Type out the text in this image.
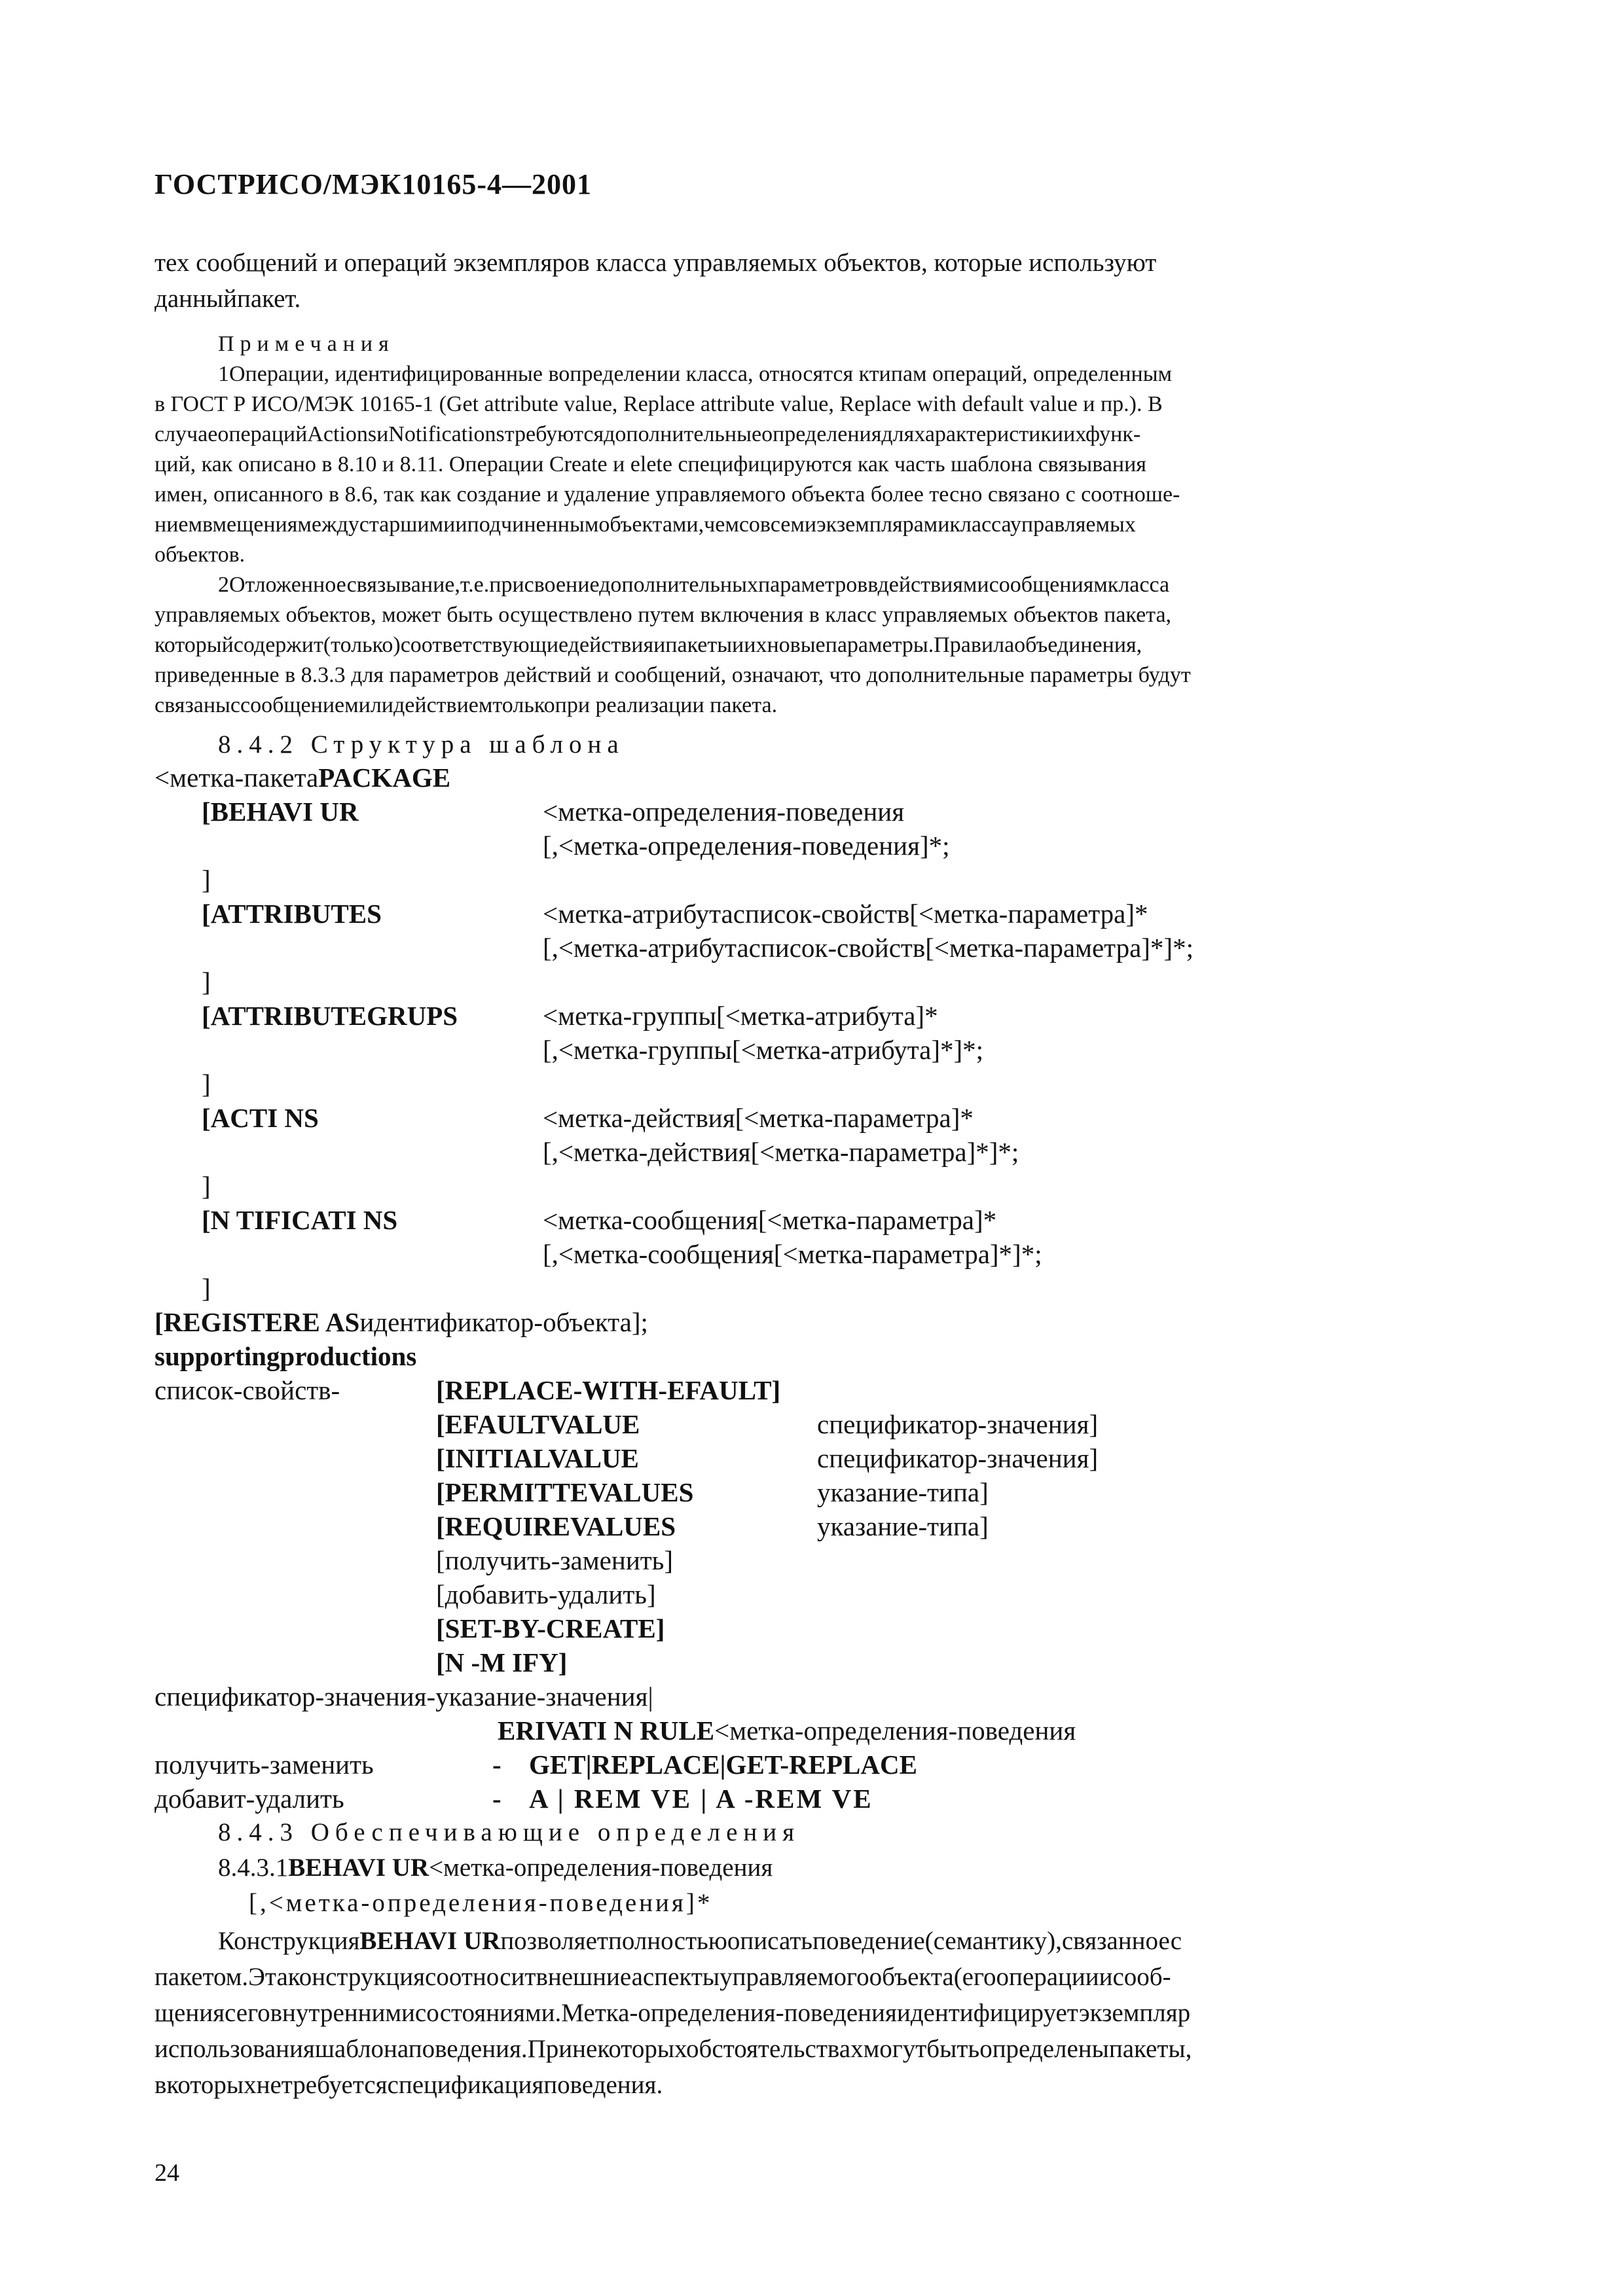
ГОСТРИСО/МЭК10165-4—2001
тех сообщений и операций экземпляров класса управляемых объектов, которые используют
данныйпакет.
Примечания
1Операции, идентифицированные вопределении класса, относятся ктипам операций, определенным
в ГОСТ Р ИСО/МЭК 10165-1 (Get attribute value, Replace attribute value, Replace with default value и пр.). В
случаеоперацийActionsиNotificationsтребуютсядополнительныеопределениядляхарактеристикиихфунк-
ций, как описано в 8.10 и 8.11. Операции Create и elete специфицируются как часть шаблона связывания
имен, описанного в 8.6, так как создание и удаление управляемого объекта более тесно связано с соотноше-
ниемвмещениямеждустаршимииподчиненнымобъектами,чемсовсемиэкземплярамиклассауправляемых
объектов.
2Отложенноесвязывание,т.е.присвоениедополнительныхпараметроввдействиямисообщениямкласса
управляемых объектов, может быть осуществлено путем включения в класс управляемых объектов пакета,
которыйсодержит(только)соответствующиедействияипакетыиихновыепараметры.Правилаобъединения,
приведенные в 8.3.3 для параметров действий и сообщений, означают, что дополнительные параметры будут
связаныссообщениемилидействиемтолькопри реализации пакета.
8.4.2 Структура шаблона
<метка-пакетаPACKAGE
[BEHAVI UR	<метка-определения-поведения
[,<метка-определения-поведения]*;
]
[ATTRIBUTES	<метка-атрибутасписок-свойств[<метка-параметра]*
[,<метка-атрибутасписок-свойств[<метка-параметра]*]*;
]
[ATTRIBUTEGRUPS	<метка-группы[<метка-атрибута]*
[,<метка-группы[<метка-атрибута]*]*;
]
[ACTI NS	<метка-действия[<метка-параметра]*
[,<метка-действия[<метка-параметра]*]*;
]
[N TIFICATI NS	<метка-сообщения[<метка-параметра]*
[,<метка-сообщения[<метка-параметра]*]*;
]
[REGISTERE ASидентификатор-объекта];
supportingproductions
список-свойств-	[REPLACE-WITH-EFAULT]
[EFAULTVALUE	спецификатор-значения]
[INITIALVALUE	спецификатор-значения]
[PERMITTEVALUES	указание-типа]
[REQUIREVALUES	указание-типа]
[получить-заменить]
[добавить-удалить]
[SET-BY-CREATE]
[N -M IFY]
спецификатор-значения-указание-значения|
ERIVATI N RULE<метка-определения-поведения
получить-заменить	- GET|REPLACE|GET-REPLACE
добавит-удалить	- A | REM VE | A -REM VE
8.4.3 Обеспечивающие определения
8.4.3.1BEHAVI UR<метка-определения-поведения
[,<метка-определения-поведения]*
КонструкцияBEHAVI URпозволяетполностьюописатьповедение(семантику),связанноес
пакетом.Этаконструкциясоотноситвнешниеаспектыуправляемогообъекта(егооперацииисооб-
щениясеговнутреннимисостояниями.Метка-определения-поведенияидентифицируетэкземпляр
использованияшаблонаповедения.Принекоторыхобстоятельствахмогутбытьопределеныпакеты,
вкоторыхнетребуетсяспецификацияповедения.
24
